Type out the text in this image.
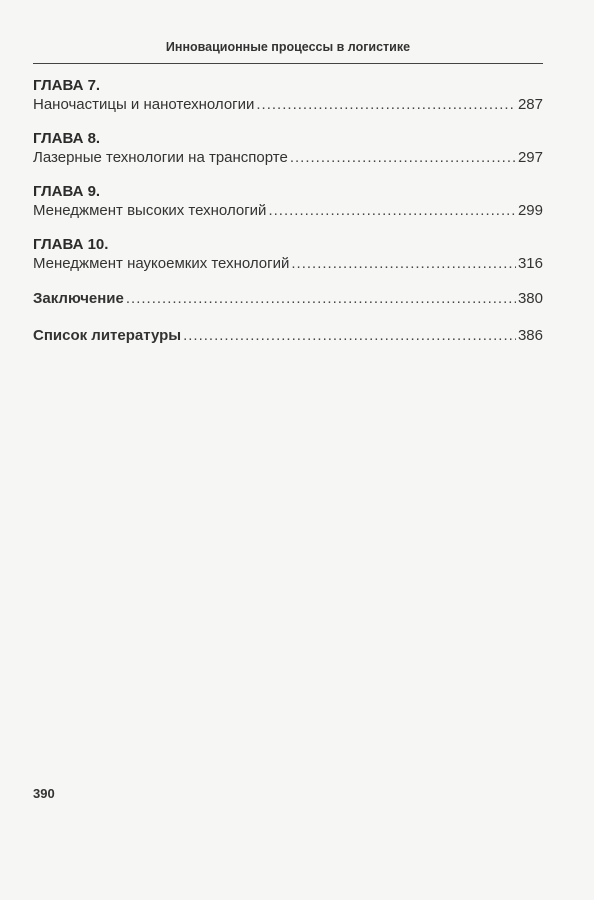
Инновационные процессы в логистике
ГЛАВА 7.
Наночастицы и нанотехнологии .....	287
ГЛАВА 8.
Лазерные технологии на транспорте .....	297
ГЛАВА 9.
Менеджмент высоких технологий .....	299
ГЛАВА 10.
Менеджмент наукоемких технологий .....	316
Заключение .....	380
Список литературы .....	386
390
